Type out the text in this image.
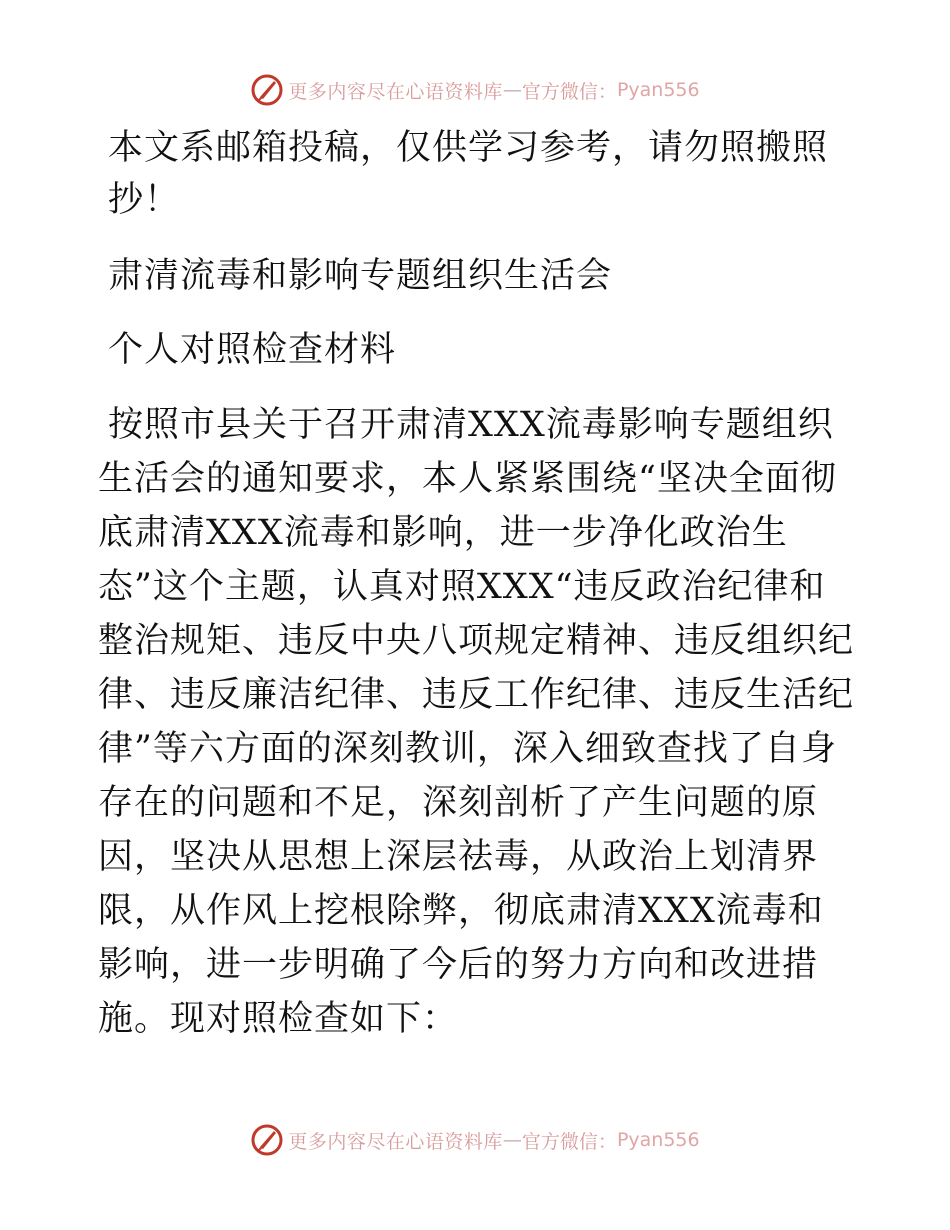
更多内容尽在心语资料库 — 官方微信： Pyan556

本文系邮箱投稿，仅供学习参考，请勿照搬照抄！

肃清流毒和影响专题组织生活会

个人对照检查材料

按照市县关于召开肃清XXX流毒影响专题组织生活会的通知要求，本人紧紧围绕“坚决全面彻底肃清XXX流毒和影响，进一步净化政治生态”这个主题，认真对照XXX“违反政治纪律和整治规矩、违反中央八项规定精神、违反组织纪律、违反廉洁纪律、违反工作纪律、违反生活纪律”等六方面的深刻教训，深入细致查找了自身存在的问题和不足，深刻剖析了产生问题的原因，坚决从思想上深层祛毒，从政治上划清界限，从作风上挖根除弊，彻底肃清XXX流毒和影响，进一步明确了今后的努力方向和改进措施。现对照检查如下：

更多内容尽在心语资料库 — 官方微信： Pyan556
